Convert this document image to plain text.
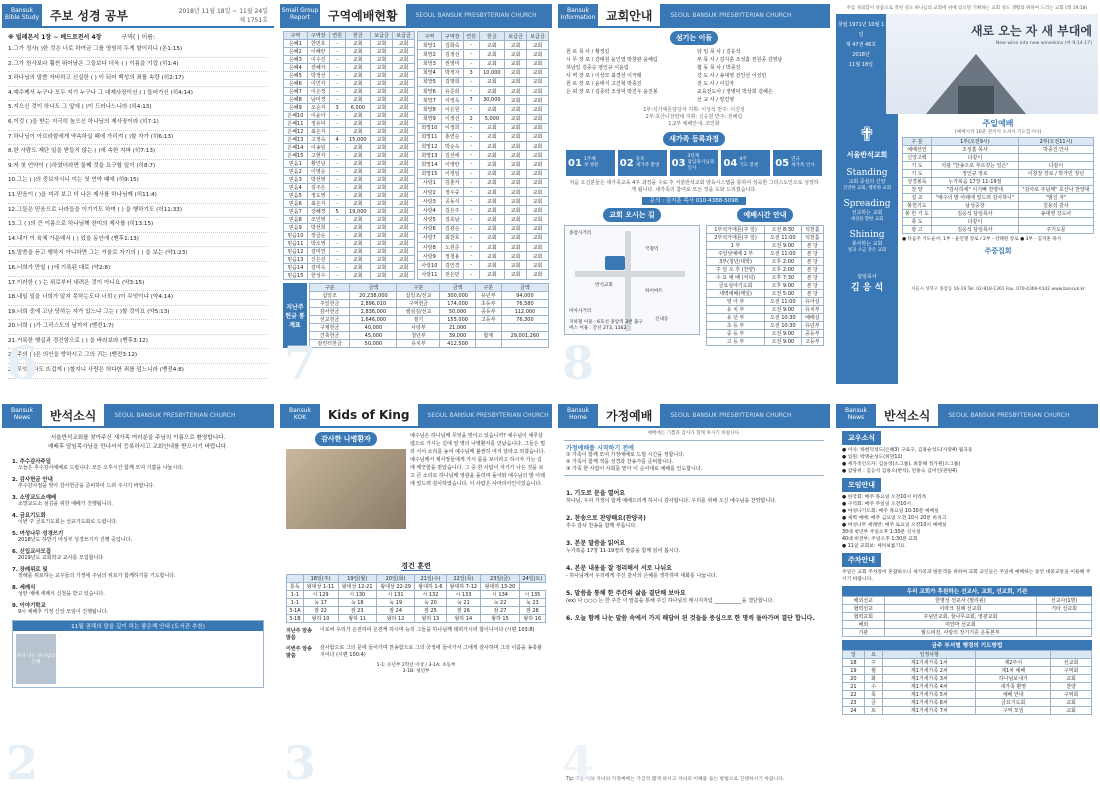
Bansuk
Bible Study 주보 성경 공부	2018년 11월 18일 ~ 11월 24일
제 1751호
※ 빌레몬서 1장 ~ 베드로전서 4장	구역( ) 이름:
1.그가 정사( )한 것은 너로 하여금 그를 영원히 두게 함이리니 (몬1:15)
2.그가 천사보다 훨씬 뛰어남은 그들보다 더욱 ( ) 이름을 기업 (히1:4)
3.하나님의 말씀 자비하고 신실한 ( ) 이 되어 백성의 죄를 속량 (히2:17)
4.예수께서 누구나 모두 지기 누구나 그 대제사장이신 ( ) 들어가신 (히4:14)
5.지으신 것이 하나도 그 앞에 ( )이 드러나느니라 (히4:13)
6.이것 ( )을 받는 지극히 높으신 하나님의 제사장이라 (히7:1)
7.하나님이 아브라함에게 약속하실 때에 가리켜 ( )할 자가 (히6:13)
8.한 사람도 제단 일을 받들지 않는 ( )에 속한 지파 (히7:13)
9.저 첫 언약이 ( )하였더라면 둘째 것을 요구할 일이 (히8:7)
10.그는 ( )의 중보자시니 이는 첫 언약 때에 (히9:15)
11.믿음이 ( )을 미리 보고 더 나은 제사를 하나님께 (히11:4)
12.그들은 믿음으로 나라들을 이기기도 하며 ( ) 을 행하기도 (히11:33)
13.그 ( )의 큰 이름으로 하나님께 찬미의 제사를 (히13:15)
14.내가 이 육체 가운데서 ( ) 있을 동안에 (벧후1:13)
15.말씀을 듣고 행하지 아니하면 그는 거울로 자기의 ( ) 을 보는 (약1:23)
16.너희가 만일 ( )에 기록된 대로 (약2:8)
17.이러한 ( ) 는 위로부터 내려온 것이 아니요 (약3:15)
18.내일 일을 너희가 알지 못하는도다 너희 ( )이 무엇이냐 (약4:14)
19.너희 중에 고난 당하는 자가 있느냐 그는 ( )할 것이요 (약5:13)
20.너희 ( )가 그리스도의 날까지 (벧전1:7)
21.거룩한 행실과 경건함으로 ( ) 을 바라보라 (벧후3:12)
22.주의 ( )은 의인을 향하시고 그의 귀는 (벧전3:12)
23.무엇보다도 뜨겁게 ( )할지니 사랑은 허다한 죄를 덮느니라 (벧전4:8)
6
Small Group
Report 구역예배현황	SEOUL BANSUK PRESBYTERIAN CHURCH
구역	구역장	연원	헌금	보급금	보급금
은혜1	한민호	-	교회	교회	교회
은혜2	이혜란	-	교회	교회	교회
은혜3	이수진	-	교회	교회	교회
은혜4	전혜자	-	교회	교회	교회
은혜5	박정선	-	교회	교회	교회
은혜6	이인자	-	교회	교회	교회
은혜7	이은정	-	교회	교회	교회
은혜8	남미경	-	교회	교회	교회
은혜9	오순자	3	6,000	교회	교회
은혜10	이윤아	-	교회	교회	교회
은혜11	정유덕	-	교회	교회	교회
은혜12	최은자	-	교회	교회	교회
은혜13	고정숙	4	15,000	교회	교회
은혜14	이송임	-	교회	교회	교회
은혜15	고현자	-	교회	교회	교회
믿음1	황인남	-	교회	교회	교회
믿음2	이영순	-	교회	교회	교회
믿음3	박선영	-	교회	교회	교회
믿음4	김주은	-	교회	교회	교회
믿음5	정도영	-	교회	교회	교회
믿음6	최은자	-	교회	교회	교회
믿음7	강혜경	5	19,000	교회	교회
믿음8	조인영	-	교회	교회	교회
믿음9	박선희	-	교회	교회	교회
믿음10	장금순	-	교회	교회	교회
믿음11	박소영	-	교회	교회	교회
믿음12	김미연	-	교회	교회	교회
믿음13	신은선	-	교회	교회	교회
믿음14	김미옥	-	교회	교회	교회
믿음15	한성수	-	교회	교회	교회
구역	구역장	연원	헌금	보급금	보급금
희망1	김화숙	-	교회	교회	교회
희망2	김정선	-	교회	교회	교회
희망3	권영미	-	교회	교회	교회
희망4	박정자	3	10,000	교회	교회
희망5	김명희	-	교회	교회	교회
희망6	유준희	-	교회	교회	교회
희망7	서정옥	7	30,000	교회	교회
희망8	이은원	-	교회	교회	교회
희망9	이정선	2	5,000	교회	교회
희망10	이정희	-	교회	교회	교회
희망11	홍연순	-	교회	교회	교회
희망12	박순옥	-	교회	교회	교회
희망13	김선애	-	교회	교회	교회
희망14	이영란	-	교회	교회	교회
희망15	이정임	-	교회	교회	교회
사랑1	김춘자	-	교회	교회	교회
사랑2	정우중	-	교회	교회	교회
사랑3	공동식	-	교회	교회	교회
사랑4	김은주	-	교회	교회	교회
사랑5	김효남	-	교회	교회	교회
사랑6	김광순	-	교회	교회	교회
사랑7	최찬호	-	교회	교회	교회
사랑8	노원준	-	교회	교회	교회
사랑9	정철용	-	교회	교회	교회
사랑10	김인경	-	교회	교회	교회
사랑11	전은민	-	교회	교회	교회
지난주 헌금 통계표
구분	금액	구분	금액	구분	금액
십일조	20,238,000	십일조/선교	300,000	유년부	94,000
주일헌금	2,896,010	구역헌금	174,000	초등부	76,580
감사헌금	2,836,000	셀섬김/선교	50,000	중등부	112,000
선교헌금	1,646,000	절기	155,000	고등부	76,300
구제헌금	40,000	사랑부	21,000		
건축헌금	45,000	청년부	39,000	합계	29,001,260
감린터헌금	50,000	유치부	412,500		
7
Bansuk
Information 교회안내	SEOUL BANSUK PRESBYTERIAN CHURCH
섬기는 이들
원 로 목 사 / 황정길
시 무 장 로 / 강태원 윤인열 박창완 윤해림
허남일 김종승 염인규 이윤림
사 역 장 로 / 이상모 최경선 이극래
원 로 장 로 / 윤태식 고진혁 박종진
은 퇴 장 로 / 김종락 조성덕 박진우 윤진봉
담 임 목 사 / 김응석
부 목 사 / 김지훈 조성흠 천원종 김영남
협 동 목 사 / 박종진
강 도 사 / 송대영 전인선 이성민
전 도 사 / 이길자
교육전도사 / 정병덕 박상희 김혜은
선 교 사 / 양진영
1부:석가에몬담당자 지휘: 이성석 반주: 이진성
2부:호산나찬양대 지휘: 신승원 반주: 전혜림
1,2부 예배안내: 조인화
새가족 등록과정
01 1주째
첫 방문 02 등록
새가족 환영 03
3단계
담임목사님과 인사	04 4주
기도 봉헌 05 연극
새가족 인사
처음 오신분들은 새가족교육 4주 과정을 수료 후 서울반석교회 양육시스템을 통하여 성숙한 그리스도인으로 성장하게 됩니다. 새가족의 참여로 모든 것을 도와 드리겠습니다.
문의 : 김지훈 목사 010-4388-5098
교회 오시는 길
종암사거리
반석교회
국철역
하이마트
미아사거리
신내동
지하철 이용 : 6호선 종암역 3번 출구
버스 이용 : 간선 273, 1162
예배시간 안내
1부석가에몬(주 일)	오전 8:30	석천홀
2부석가에몬(주 일)	오전 11:00	석천홀
1 부	오전 9:00	본 당
주일낮예배 2 부	오전 11:00	본 당
3부(청년/대학)	오후 2:00	본 당
주 일 오 후 (찬양)	오후 2:00	본 당
수 요 예 배 (저녁)	오후 7:30	본 당
금요심야기도회	오후 9:00	본 당
새벽예배(매일)	오전 5:00	본 당
영 아 부	오전 11:00	유아실
유 치 부	오전 9:00	유치부
유 년 부	오전 10:30	예배실
초 등 부	오전 10:30	유년부
중 등 부	오전 9:00	중등부
고 등 부	오전 9:00	고등부
8
주를 경외함이 성품으로 적힌 성도 하나님의 교회에 위에 있으면 기뻐하는 교회 성도 생활의 위하여 드리는 교회 (레 19:18)
창립 1971년 10월 1일
제 47권 46호
2018년
11월 18일
새로 오는 자 새 부대에
New wine into new wineskins (마 9:14-17)
✟
서울반석교회
Standing
교회 중심의 신앙
건강한 교회, 행복한 교회
Spreading
선교하는 교회
세상을 향한 교회
Shining
봉사하는 교회
빛과 소금 같은 교회
담임목사
김 응 석
주일예배
[예배시작 10분 전까지 오셔서 기도합시다]
구 분	1부(오전9시)	2부(오전11시)
예배선언	조성흠 목사	박종진 안사
신앙고백	다같이	
기 도	석광 "찬송으로 부르짖는 일은"	다같이
기 도	정인규 장로	이창장 장로 / 박가민 장년
성경봉독	누가복음 17장 11-19절	
찬 양	"감사하세" 이기뻐 찬양대	"감사로 주님께" 호산나 찬양대
설 교	"예수의 발 아래에 엎드려 감사하니"	"범진 자"
봉헌기도	남성중창	김용석 감사
봉 헌 기 도	김응석 담임목사	송대영 강도사
축 도	다같이	
광 고	김응석 담임목사	주기도문
● 다음주 기도순서: 1부 - 윤인열 장로 / 2부 - 강태원 장로 ● 3부 - 김지훈 목사
주중집회
서울시 성북구 종암동 16-19 Tel. 02-918-1301 Fax. 070-4369-0142 www.bansuk.kr
Bansuk
News 반석소식	SEOUL BANSUK PRESBYTERIAN CHURCH
서울반석교회를 찾아주신 새가족 여러분을 주님의 이름으로 환영합니다.
예배후 담임목사님을 만나셔서 등록하시고 교회안내를 받으시기 바랍니다.
1. 추수감사주일
오늘은 추수감사예배로 드립니다. 모든 오후시간 함께 모여 기쁨을 나눕시다.
2. 감사헌금 안내
추수감사절을 맞아 감사헌금을 준비하여 드려 주시기 바랍니다.
3. 소망교도소예배
소망교도소 섬김을 위한 예배가 진행됩니다.
4. 금요기도회
이번 주 금요기도회는 선교기도회로 드립니다.
5. 여성나무 성경쓰기
2018년도 하반기 여성부 성경쓰기가 진행 중입니다.
6. 신입교사모집
2019년도 교회학교 교사를 모집합니다.
7. 장례위로 및
장례를 위로하는 교우들의 가정에 주님의 위로가 함께하기를 기도합니다.
8. 세례식
성탄 예배 세례식 신청을 받고 있습니다.
9. 이야기학교
9시 예배후 가정 신앙 모임이 진행됩니다.
11월 권해의 말을 깊이 하는 좋은책 안내 (도서관 추천)
우리 나는 하나님의 은혜
.
2
Bansuk
KOK Kids of King	SEOUL BANSUK PRESBYTERIAN CHURCH
감사한 나병환자	예수님은 하나님께 무엇을 맞이고 있습니까? 예수님이 예루살렘으로 가시는 길에 열 명의 나병환자를 만났습니다. 그들은 멀리 서서 소리를 높여 예수님께 불쌍히 여겨 달라고 외쳤습니다. 예수님께서 제사장들에게 가서 몸을 보이라고 하시자 가는 길에 깨끗함을 받았습니다. 그 중 한 사람이 자기가 나은 것을 보고 큰 소리로 하나님께 영광을 돌리며 돌아와 예수님의 발 아래에 엎드려 감사하였습니다. 이 사람은 사마리아인이었습니다.
경건 훈련
	18일(주)	19일(월)	20일(화)	21일(수)	22일(목)	23일(금)	24일(토)
통독	왕대상 1-11	왕대상 12-21	왕대상 22-29	왕대하 1-6	왕대하 7-12	왕대하 13-20	
1-1	시 129	시 130	시 131	시 132	시 133	시 134	시 135
1-1	눅 17	눅 18	눅 19	눅 20	눅 21	눅 22	눅 23
3-1A	잠 22	잠 23	잠 24	잠 25	잠 26	잠 27	잠 28
3-1B	왕하 10	왕하 11	왕하 12	왕하 13	왕하 14	왕하 15	왕하 16
지난주 암송말씀
이로써 우리가 온전하여 온전케 하시며 능히 그들을 하나님께 데려가시려 함이니이다 (시편 103:8)
이번주 암송말씀
감사함으로 그의 문에 들어가며 찬송함으로 그의 궁정에 들어가서 그에게 감사하며 그의 이름을 송축할지어다 (시편 100:4)
1-1: 유년부 2학년 이상 / 3-1A: 초등부
3-1B: 청년부
3
Bansuk
Home 가정예배	SEOUL BANSUK PRESBYTERIAN CHURCH
예배에는 기쁨과 감사가 함께 하시기 바랍니다.
가정예배를 시작하기 전에
① 가족이 함께 모여 가정예배로 드릴 시간을 정합니다.
② 가족이 함께 적을 성경과 찬송가를 준비합니다.
③ 가족 한 사람이 사회를 맡아 이 순서대로 예배를 인도합니다.
1. 기도로 문을 열어요
하나님, 우리 가정이 함께 예배드리게 하시니 감사합니다. 우리를 위해 오신 예수님을 찬양합니다.
2. 찬송으로 찬양해요(찬양곡)
추수 감사 찬송을 함께 부릅니다.
3. 본문 말씀을 읽어요
누가복음 17장 11-19절의 말씀을 함께 읽어 봅시다.
4. 본문 내용을 잘 정리해서 서로 나눠요
- 하나님께서 우리에게 주신 감사의 은혜를 생각하며 대화를 나눕니다.
5. 말씀을 통해 한 주간의 삶을 결단해 보아요
(ex) 나 ○○○ 는 한 주간 이 말씀을 통해 주신 하나님의 메시지처럼 ___________을 결단합니다.
6. 오늘 함께 나눈 말씀 속에서 가지 해답어 된 것들을 중심으로 한 명씩 돌아가며 결단 합니다.
Tip. 7살 이하 자녀의 가정예배는 가급적 짧게 하시고 자녀의 이해를 돕는 방법으로 진행하시기 바랍니다.
4
Bansuk
News 반석소식	SEOUL BANSUK PRESBYTERIAN CHURCH
교우소식
● 이사: 하현덕성도(은혜3) 구로구, 김용순성도(사랑4) 월곡동
● 입원: 박명순성도(희망11)
● 세가족인도자: 김윤영(소그룹), 최봉해 정가원(소그룹)
● 감당위 : 김응석 김용오(반석), 안홍숙 김미인(관원4)
모임안내
● 한국회: 매주 목요일 오전10시 미리톡
● 구역회: 매주 주일일 오전10시
● 여성나기도회: 매주 목요일 10:30분 예배실
● 새벽 예배: 매주 금요일 오전 10시 20분 바치크
● 여성나무 세례반: 매주 토요일 오전10시 예배실
30대 청년부 주일오후 1:30분 신사실
40대 비전부: 주일오후 1:30분 교회
● 11일 교회보: 세미보를기요
주차안내
주일은 교회 주차장이 혼잡하오니 새가족과 방문객을 위하여 교회 교인들은 주일에 예배하는 동안 대중교통을 이용해 주시기 바랍니다.
우리 교회가 후원하는 선교사, 교회, 선교회, 기관
해외선교	한명성 선교사 (필리핀)	선교사(1명)
협력선교	이라크 침례 선교회	기타 선교회
협력교회	주님만교회, 꿈나무교회, 영광교회	
해외	미얀마 선교회	
기관	월드비전, 사랑의 장기기증 운동본부	
금주 부서별 행정의 기도방법
일	요	일정사항		
18	주	제1기새가족 1차	제2부서	선교회
19	월	제1기새가족 2차	제1차 예배	구역회
20	화	제1기새가족 3차	하나님보내기	교회
21	수	제1기새가족 4차	새가족 환영	찬양
22	목	제1기새가족 5차	예배 안내	구역회
23	금	제1기새가족 6차	금요기도회	교회
24	토	제1기새가족 7차	구역 모임	교회
